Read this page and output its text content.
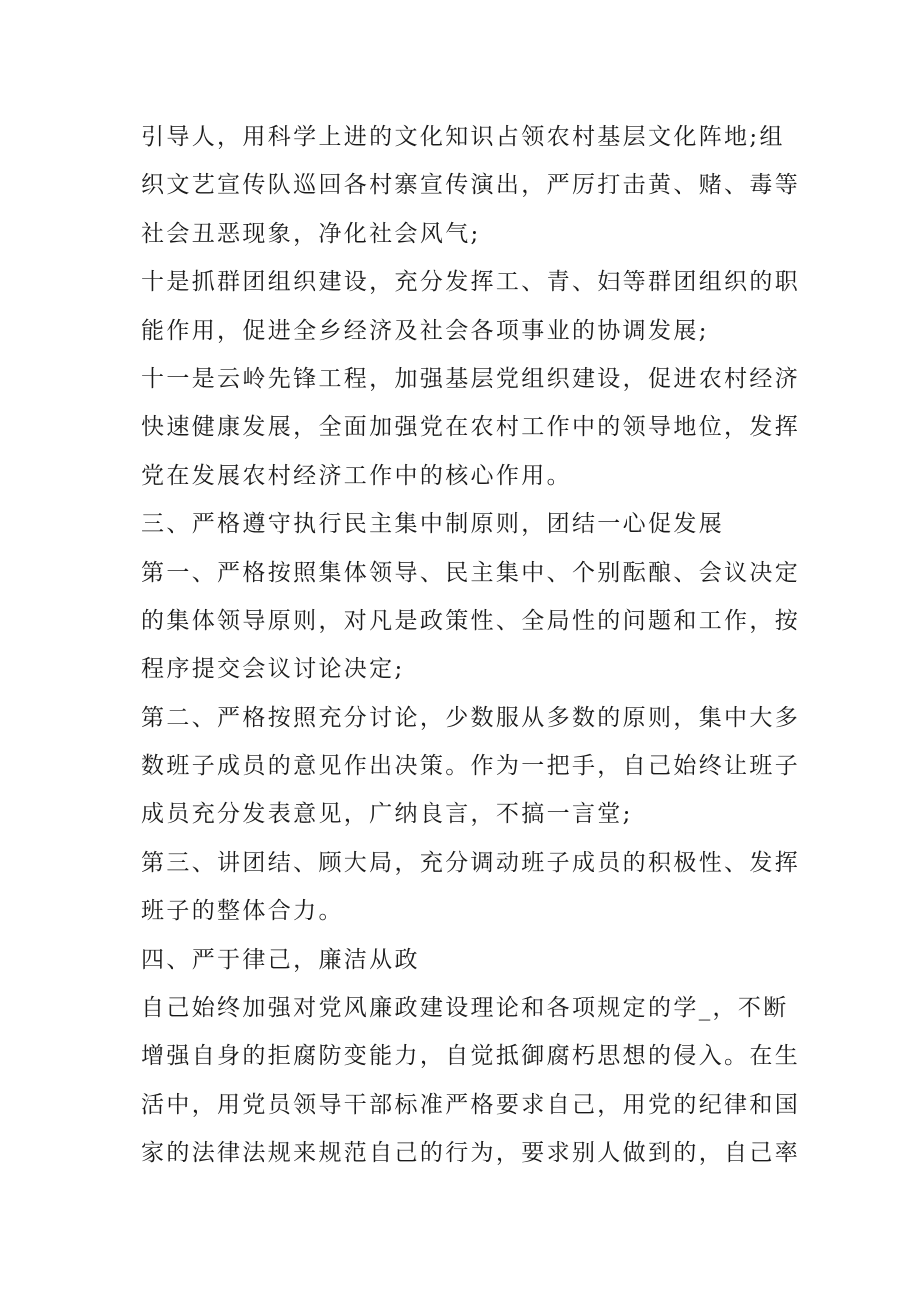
引导人，用科学上进的文化知识占领农村基层文化阵地;组
织文艺宣传队巡回各村寨宣传演出，严厉打击黄、赌、毒等
社会丑恶现象，净化社会风气;
十是抓群团组织建设，充分发挥工、青、妇等群团组织的职
能作用，促进全乡经济及社会各项事业的协调发展;
十一是云岭先锋工程，加强基层党组织建设，促进农村经济
快速健康发展，全面加强党在农村工作中的领导地位，发挥
党在发展农村经济工作中的核心作用。
三、严格遵守执行民主集中制原则，团结一心促发展
第一、严格按照集体领导、民主集中、个别酝酿、会议决定
的集体领导原则，对凡是政策性、全局性的问题和工作，按
程序提交会议讨论决定;
第二、严格按照充分讨论，少数服从多数的原则，集中大多
数班子成员的意见作出决策。作为一把手，自己始终让班子
成员充分发表意见，广纳良言，不搞一言堂;
第三、讲团结、顾大局，充分调动班子成员的积极性、发挥
班子的整体合力。
四、严于律己，廉洁从政
自己始终加强对党风廉政建设理论和各项规定的学_，不断
增强自身的拒腐防变能力，自觉抵御腐朽思想的侵入。在生
活中，用党员领导干部标准严格要求自己，用党的纪律和国
家的法律法规来规范自己的行为，要求别人做到的，自己率
